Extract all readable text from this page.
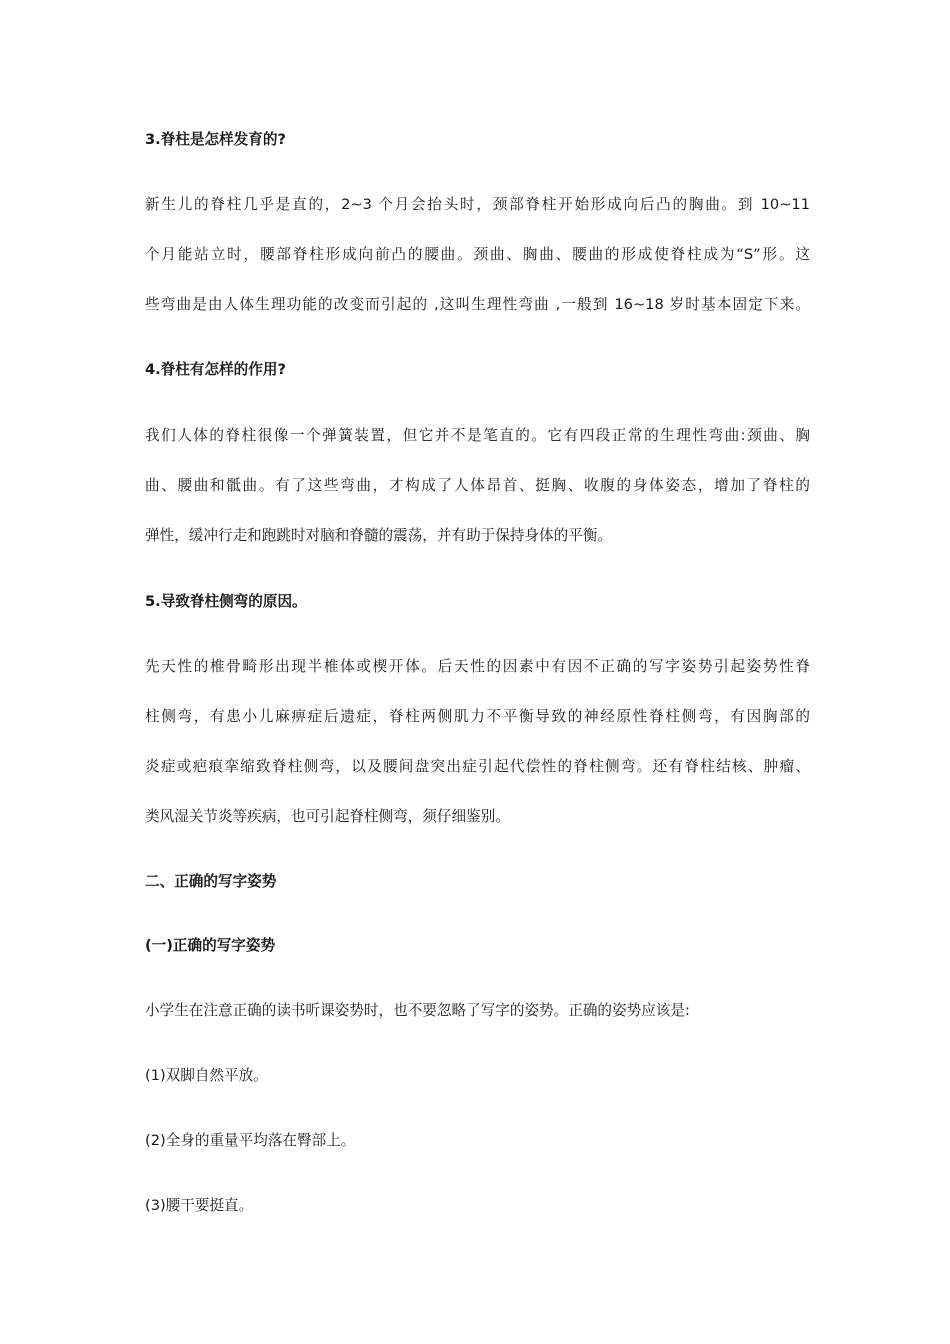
3.脊柱是怎样发育的?
新生儿的脊柱几乎是直的，2~3 个月会抬头时，颈部脊柱开始形成向后凸的胸曲。到 10~11
个月能站立时，腰部脊柱形成向前凸的腰曲。颈曲、胸曲、腰曲的形成使脊柱成为“S”形。这
些弯曲是由人体生理功能的改变而引起的 ,这叫生理性弯曲 ,一般到 16~18 岁时基本固定下来。
4.脊柱有怎样的作用?
我们人体的脊柱很像一个弹簧装置，但它并不是笔直的。它有四段正常的生理性弯曲:颈曲、胸
曲、腰曲和骶曲。有了这些弯曲，才构成了人体昂首、挺胸、收腹的身体姿态，增加了脊柱的
弹性，缓冲行走和跑跳时对脑和脊髓的震荡，并有助于保持身体的平衡。
5.导致脊柱侧弯的原因。
先天性的椎骨畸形出现半椎体或楔开体。后天性的因素中有因不正确的写字姿势引起姿势性脊
柱侧弯，有患小儿麻痹症后遗症，脊柱两侧肌力不平衡导致的神经原性脊柱侧弯，有因胸部的
炎症或疤痕挛缩致脊柱侧弯，以及腰间盘突出症引起代偿性的脊柱侧弯。还有脊柱结核、肿瘤、
类风湿关节炎等疾病，也可引起脊柱侧弯，须仔细鉴别。
二、正确的写字姿势
(一)正确的写字姿势
小学生在注意正确的读书听课姿势时，也不要忽略了写字的姿势。正确的姿势应该是:
(1)双脚自然平放。
(2)全身的重量平均落在臀部上。
(3)腰干要挺直。
